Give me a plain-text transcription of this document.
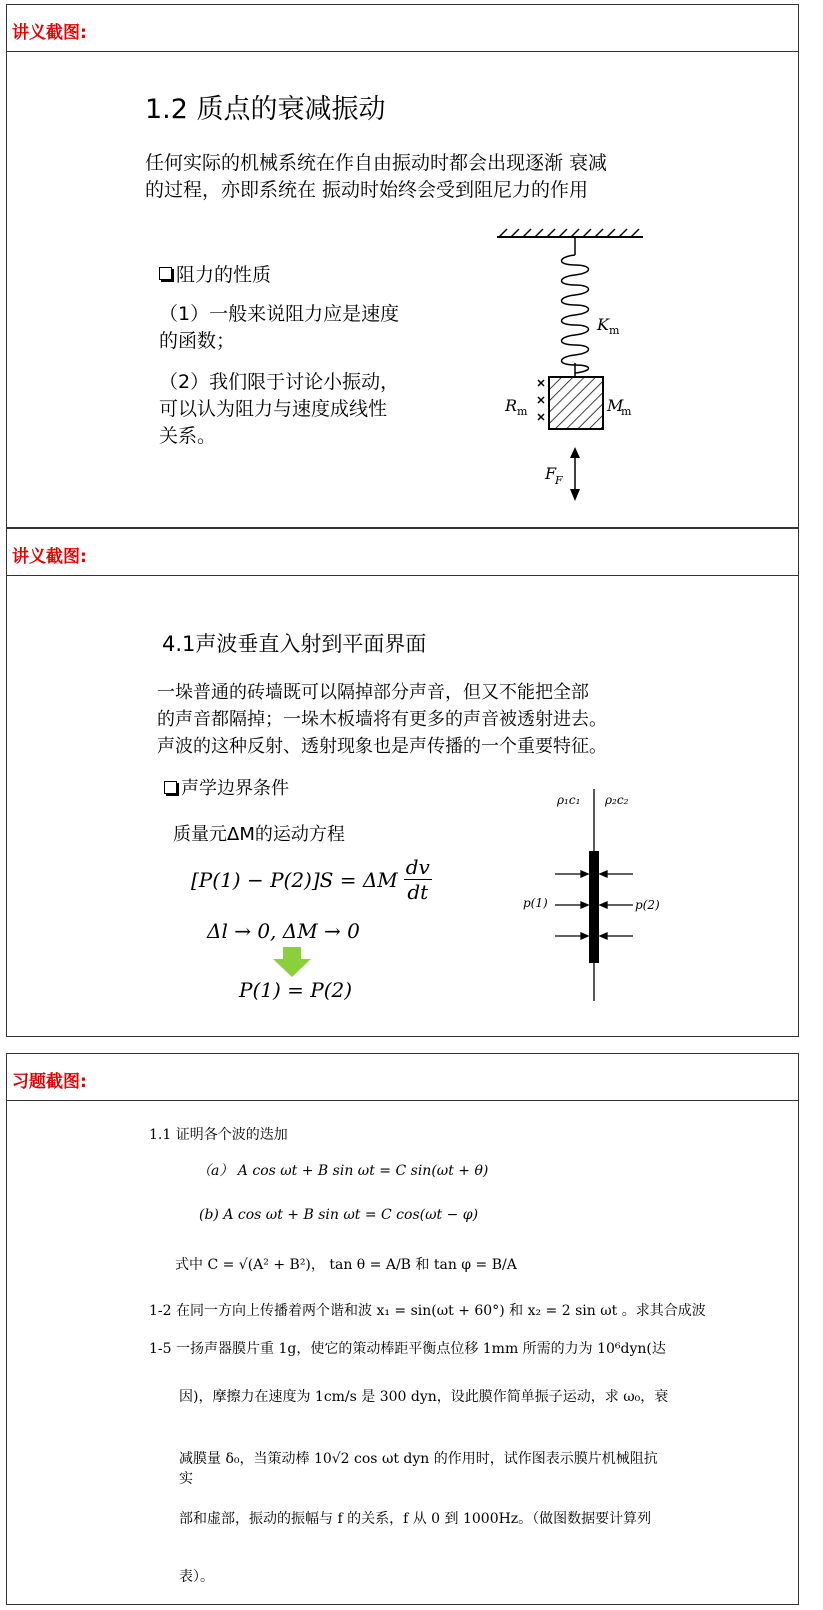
讲义截图:
1.2 质点的衰减振动
任何实际的机械系统在作自由振动时都会出现逐渐 衰减
的过程，亦即系统在 振动时始终会受到阻尼力的作用
阻力的性质
（1）一般来说阻力应是速度
的函数；
（2）我们限于讨论小振动，
可以认为阻力与速度成线性
关系。
K m
R m	M
m
F
F
讲义截图:
4.1声波垂直入射到平面界面
一垛普通的砖墙既可以隔掉部分声音，但又不能把全部
的声音都隔掉；一垛木板墙将有更多的声音被透射进去。
声波的这种反射、透射现象也是声传播的一个重要特征。
声学边界条件
质量元ΔM的运动方程
[P(1) − P(2)]S = ΔM $\frac{dv}{dt}$
Δl → 0, ΔM → 0
P(1) = P(2)
ρ₁c₁ ρ₂c₂
p(1)	p(2)
习题截图:
1.1 证明各个波的迭加
（a） A cos ωt + B sin ωt = C sin(ωt + θ)
(b) A cos ωt + B sin ωt = C cos(ωt − φ)
式中 C = √(A² + B²)， tan θ = A/B 和 tan φ = B/A
1-2 在同一方向上传播着两个谐和波 x₁ = sin(ωt + 60°) 和 x₂ = 2 sin ωt 。求其合成波
1-5 一扬声器膜片重 1g，使它的策动棒距平衡点位移 1mm 所需的力为 10⁶dyn(达
因)，摩擦力在速度为 1cm/s 是 300 dyn，设此膜作简单振子运动，求 ω₀，衰
减膜量 δ₀，当策动棒 10√2 cos ωt dyn 的作用时，试作图表示膜片机械阻抗实
部和虚部，振动的振幅与 f 的关系，f 从 0 到 1000Hz。（做图数据要计算列
表）。
